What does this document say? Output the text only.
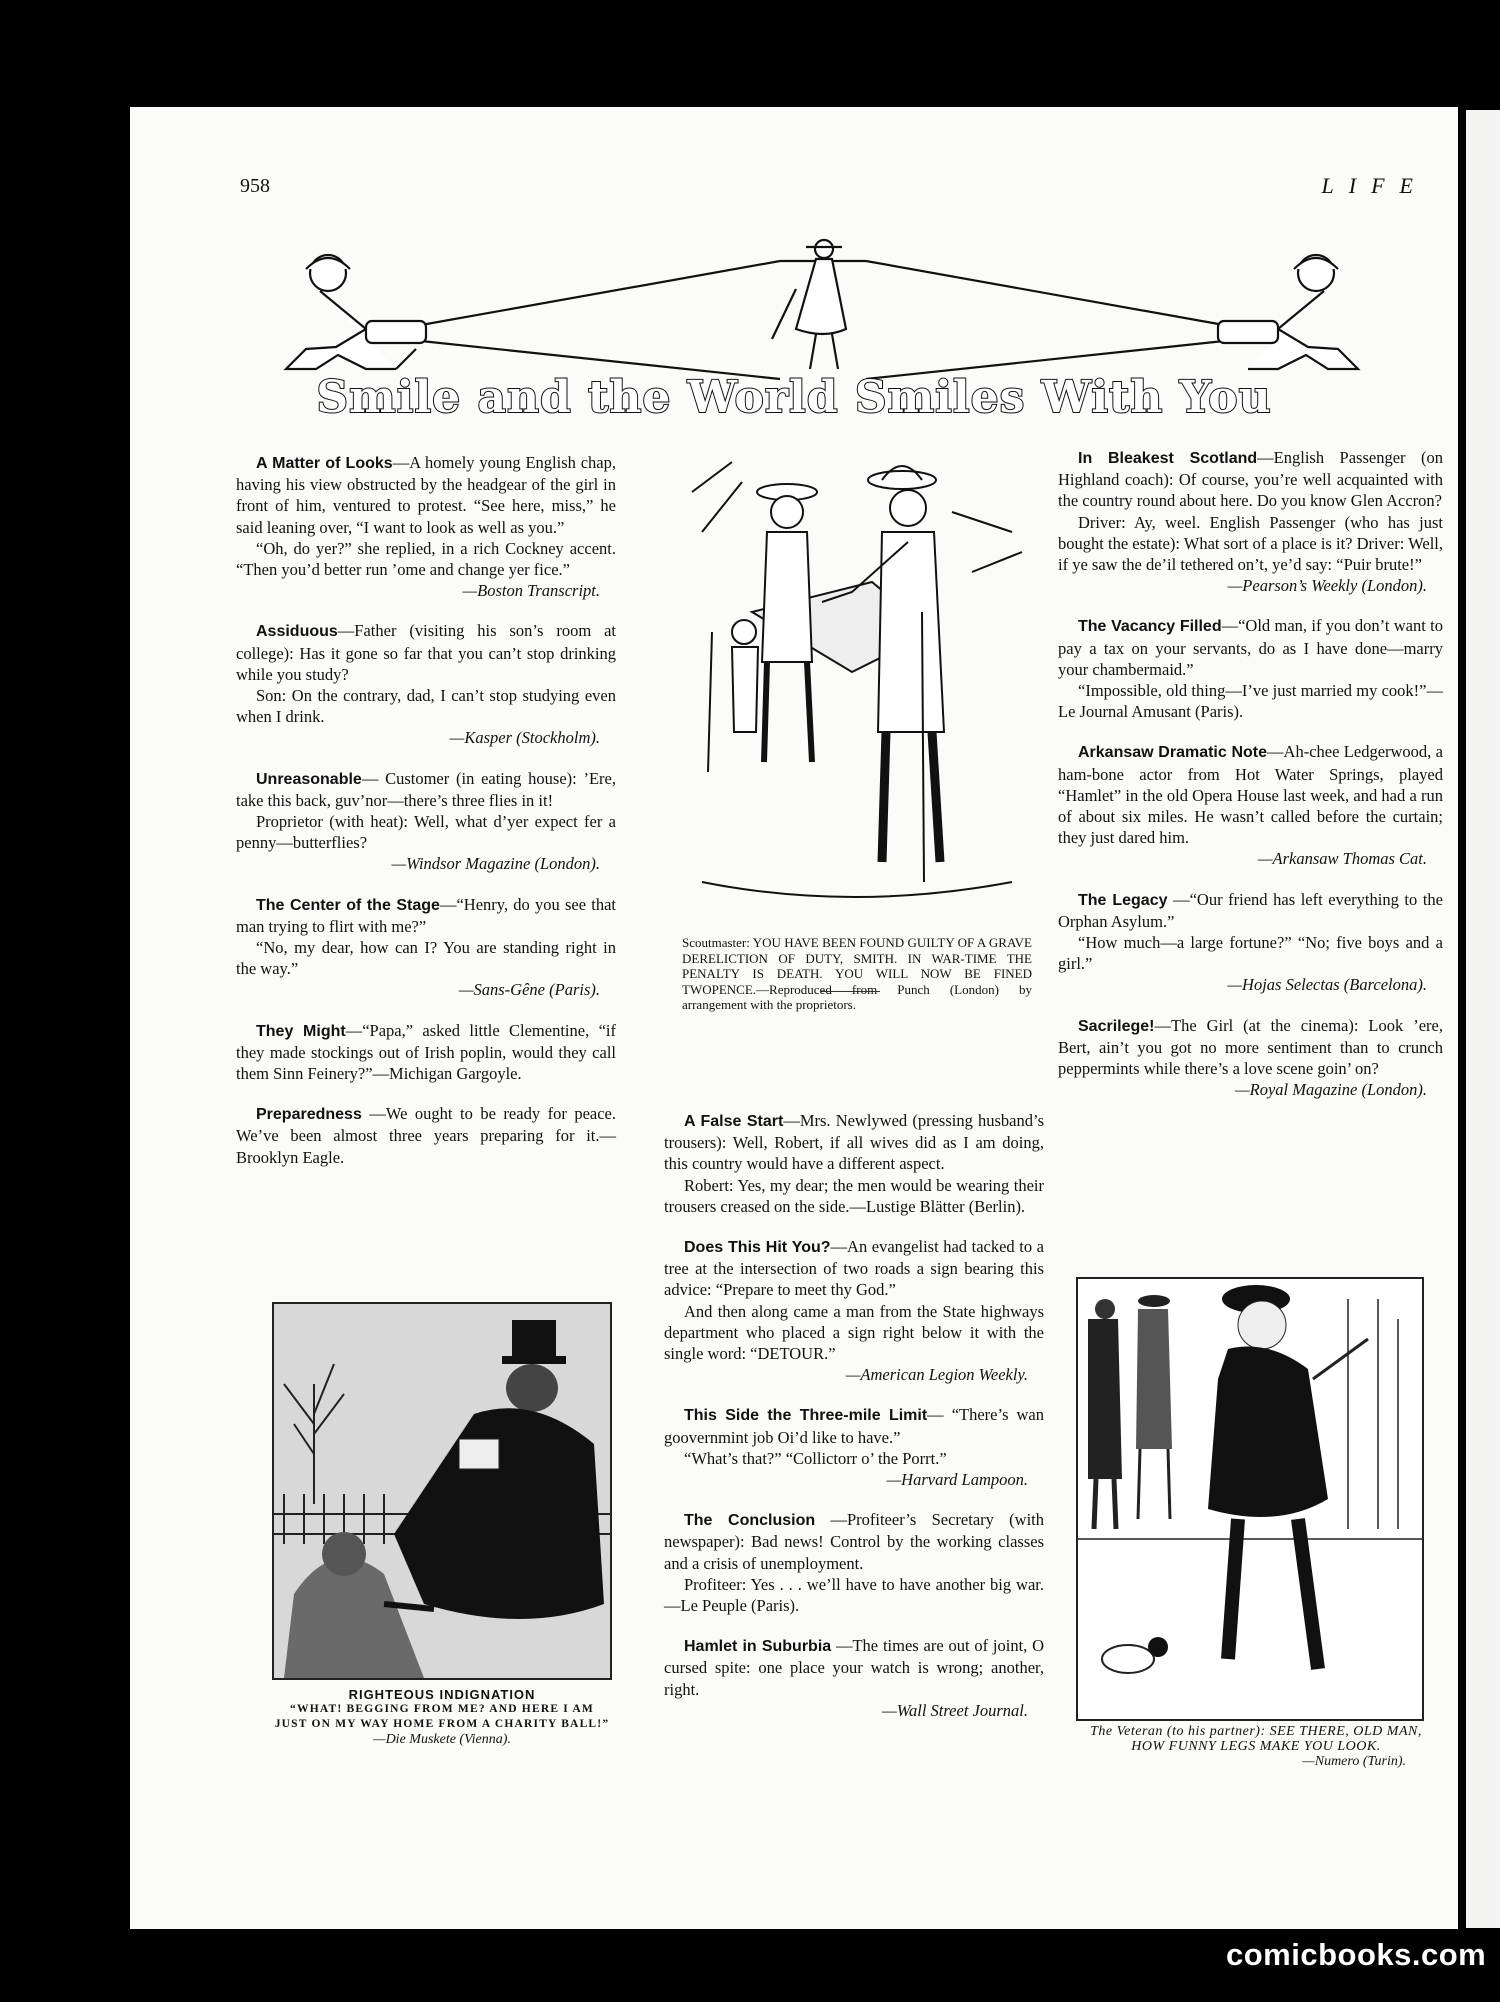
958	LIFE
Smile and the World Smiles With You

A Matter of Looks—A homely young English chap, having his view obstructed by the headgear of the girl in front of him, ventured to protest. “See here, miss,” he said leaning over, “I want to look as well as you.”

“Oh, do yer?” she replied, in a rich Cockney accent. “Then you’d better run ’ome and change yer fice.”

—Boston Transcript.

Assiduous—Father (visiting his son’s room at college): Has it gone so far that you can’t stop drinking while you study?

Son: On the contrary, dad, I can’t stop studying even when I drink.

—Kasper (Stockholm).

Unreasonable— Customer (in eating house): ’Ere, take this back, guv’nor—there’s three flies in it!

Proprietor (with heat): Well, what d’yer expect fer a penny—butterflies?

—Windsor Magazine (London).

The Center of the Stage—“Henry, do you see that man trying to flirt with me?”

“No, my dear, how can I? You are standing right in the way.”

—Sans-Gêne (Paris).

They Might—“Papa,” asked little Clementine, “if they made stockings out of Irish poplin, would they call them Sinn Feinery?”—Michigan Gargoyle.

Preparedness —We ought to be ready for peace. We’ve been almost three years preparing for it.—Brooklyn Eagle.

Scoutmaster: YOU HAVE BEEN FOUND GUILTY OF A GRAVE DERELICTION OF DUTY, SMITH. IN WAR-TIME THE PENALTY IS DEATH. YOU WILL NOW BE FINED TWOPENCE.—Reproduced from Punch (London) by arrangement with the proprietors.

A False Start—Mrs. Newlywed (pressing husband’s trousers): Well, Robert, if all wives did as I am doing, this country would have a different aspect.

Robert: Yes, my dear; the men would be wearing their trousers creased on the side.—Lustige Blätter (Berlin).

Does This Hit You?—An evangelist had tacked to a tree at the intersection of two roads a sign bearing this advice: “Prepare to meet thy God.”

And then along came a man from the State highways department who placed a sign right below it with the single word: “DETOUR.”

—American Legion Weekly.

This Side the Three-mile Limit— “There’s wan goovernmint job Oi’d like to have.”

“What’s that?” “Collictorr o’ the Porrt.”

—Harvard Lampoon.

The Conclusion —Profiteer’s Secretary (with newspaper): Bad news! Control by the working classes and a crisis of unemployment.

Profiteer: Yes . . . we’ll have to have another big war.—Le Peuple (Paris).

Hamlet in Suburbia —The times are out of joint, O cursed spite: one place your watch is wrong; another, right.

—Wall Street Journal.

In Bleakest Scotland—English Passenger (on Highland coach): Of course, you’re well acquainted with the country round about here. Do you know Glen Accron?

Driver: Ay, weel. English Passenger (who has just bought the estate): What sort of a place is it? Driver: Well, if ye saw the de’il tethered on’t, ye’d say: “Puir brute!”

—Pearson’s Weekly (London).

The Vacancy Filled—“Old man, if you don’t want to pay a tax on your servants, do as I have done—marry your chambermaid.”

“Impossible, old thing—I’ve just married my cook!”—Le Journal Amusant (Paris).

Arkansaw Dramatic Note—Ah-chee Ledgerwood, a ham-bone actor from Hot Water Springs, played “Hamlet” in the old Opera House last week, and had a run of about six miles. He wasn’t called before the curtain; they just dared him.

—Arkansaw Thomas Cat.

The Legacy —“Our friend has left everything to the Orphan Asylum.”

“How much—a large fortune?” “No; five boys and a girl.”

—Hojas Selectas (Barcelona).

Sacrilege!—The Girl (at the cinema): Look ’ere, Bert, ain’t you got no more sentiment than to crunch peppermints while there’s a love scene goin’ on?

—Royal Magazine (London).
RIGHTEOUS INDIGNATION
“WHAT! BEGGING FROM ME? AND HERE I AM JUST ON MY WAY HOME FROM A CHARITY BALL!”
—Die Muskete (Vienna).
The Veteran (to his partner): SEE THERE, OLD MAN, HOW FUNNY LEGS MAKE YOU LOOK.
—Numero (Turin).
comicbooks.com
